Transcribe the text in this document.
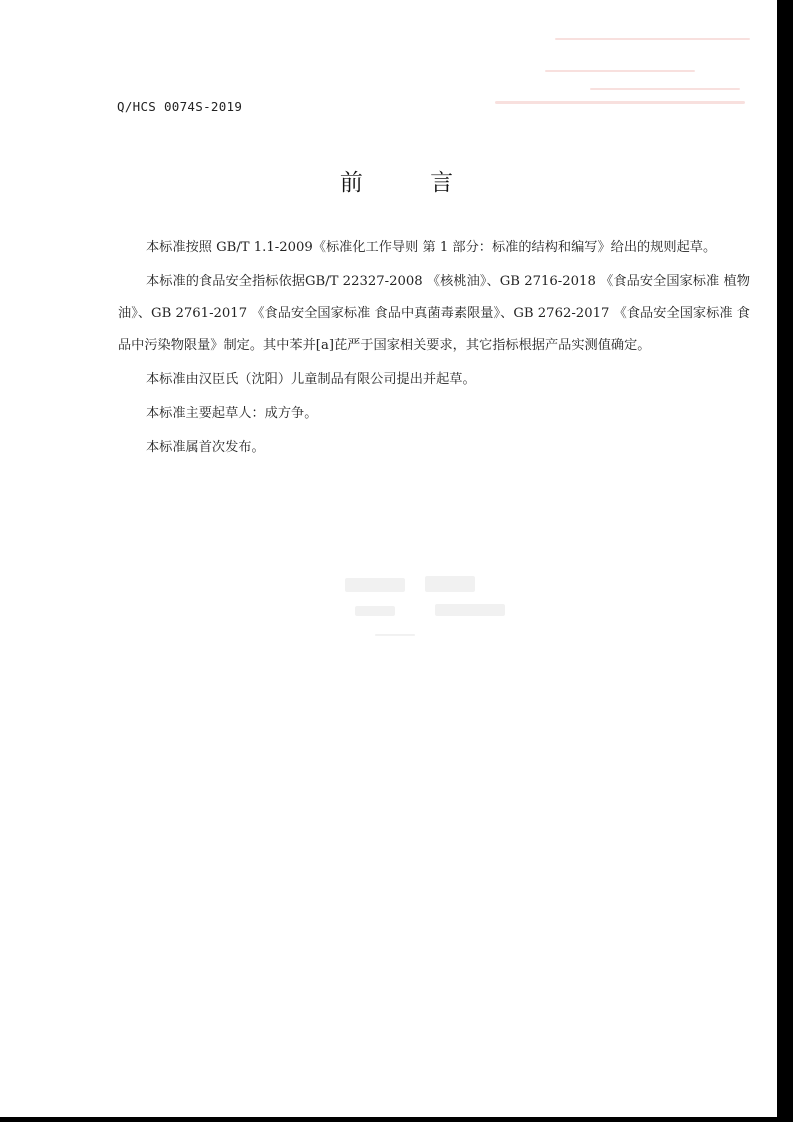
Q/HCS 0074S-2019
前 言

本标准按照 GB/T 1.1-2009《标准化工作导则 第 1 部分：标准的结构和编写》给出的规则起草。

本标准的食品安全指标依据GB/T 22327-2008 《核桃油》、GB 2716-2018 《食品安全国家标准 植物油》、GB 2761-2017 《食品安全国家标准 食品中真菌毒素限量》、GB 2762-2017 《食品安全国家标准 食品中污染物限量》制定。其中苯并[a]芘严于国家相关要求，其它指标根据产品实测值确定。

本标准由汉臣氏（沈阳）儿童制品有限公司提出并起草。

本标准主要起草人：成方争。

本标准属首次发布。
